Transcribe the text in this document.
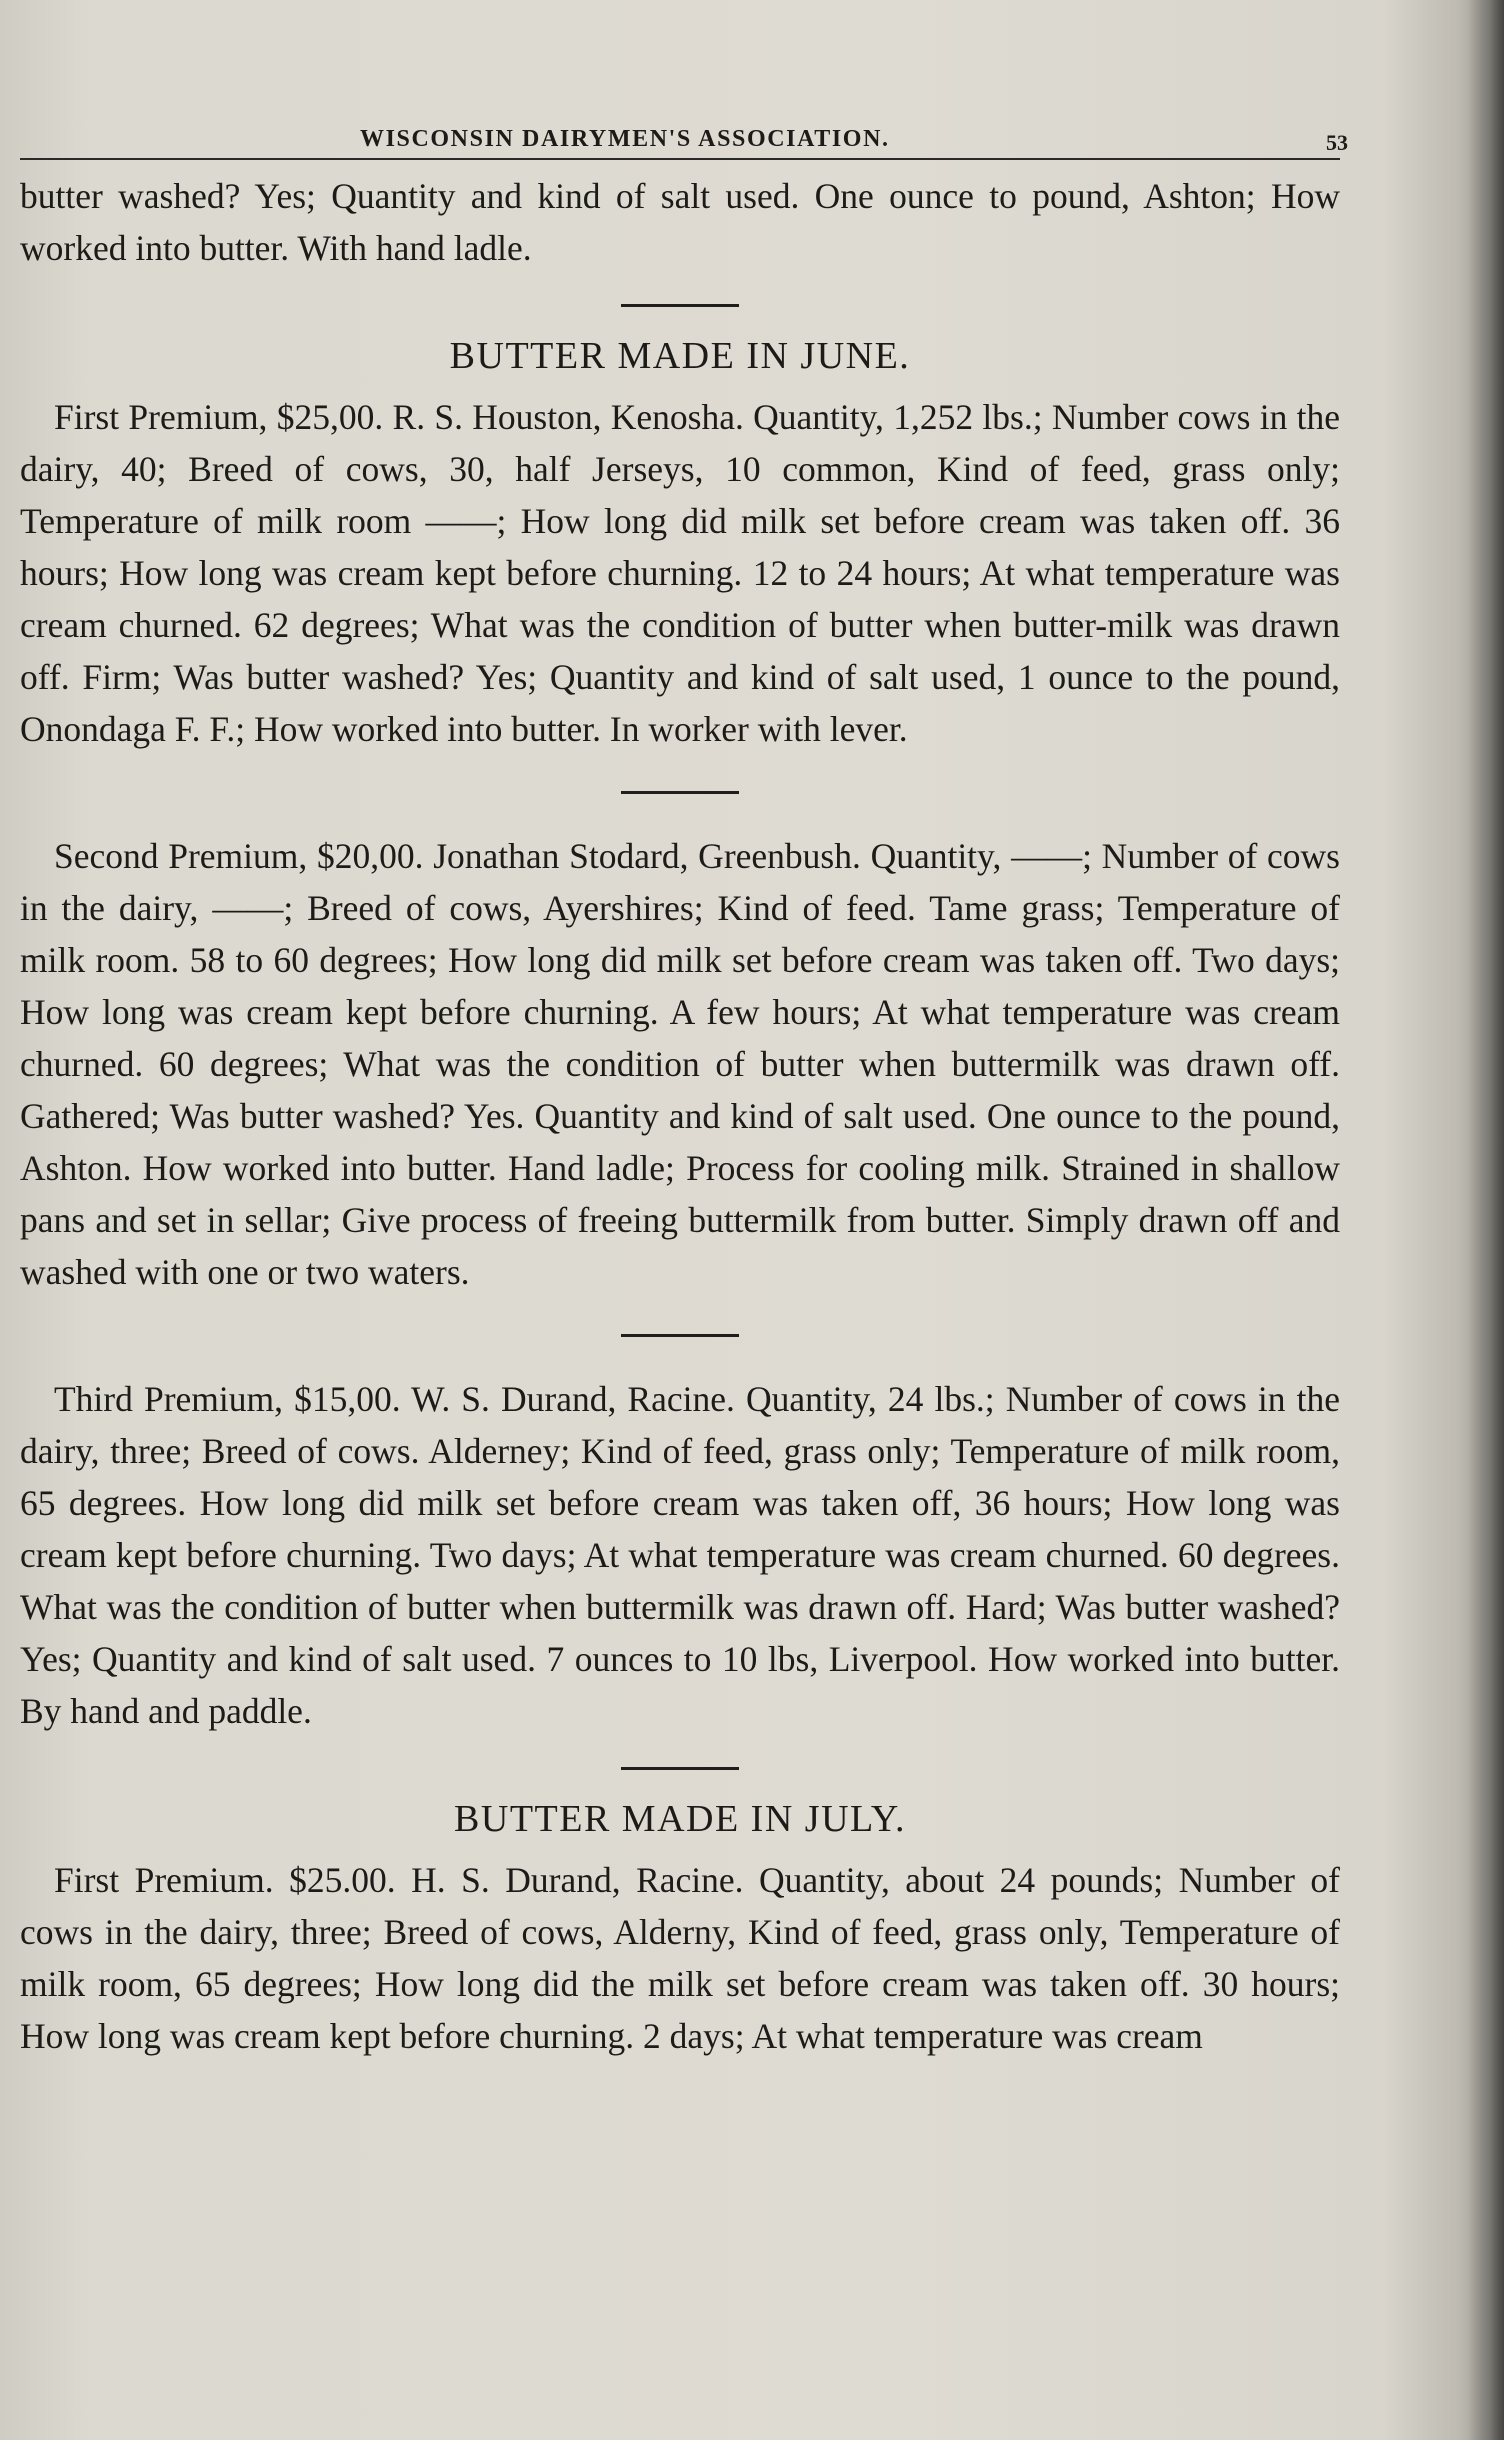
WISCONSIN DAIRYMEN'S ASSOCIATION.	53

butter washed? Yes; Quantity and kind of salt used. One ounce to pound, Ashton; How worked into butter. With hand ladle.

BUTTER MADE IN JUNE.

First Premium, $25,00. R. S. Houston, Kenosha. Quantity, 1,252 lbs.; Number cows in the dairy, 40; Breed of cows, 30, half Jerseys, 10 common, Kind of feed, grass only; Temperature of milk room ——; How long did milk set before cream was taken off. 36 hours; How long was cream kept before churning. 12 to 24 hours; At what temperature was cream churned. 62 degrees; What was the condition of butter when butter-milk was drawn off. Firm; Was butter washed? Yes; Quantity and kind of salt used, 1 ounce to the pound, Onondaga F. F.; How worked into butter. In worker with lever.

Second Premium, $20,00. Jonathan Stodard, Greenbush. Quantity, ——; Number of cows in the dairy, ——; Breed of cows, Ayershires; Kind of feed. Tame grass; Temperature of milk room. 58 to 60 degrees; How long did milk set before cream was taken off. Two days; How long was cream kept before churning. A few hours; At what temperature was cream churned. 60 degrees; What was the condition of butter when buttermilk was drawn off. Gathered; Was butter washed? Yes. Quantity and kind of salt used. One ounce to the pound, Ashton. How worked into butter. Hand ladle; Process for cooling milk. Strained in shallow pans and set in sellar; Give process of freeing buttermilk from butter. Simply drawn off and washed with one or two waters.

Third Premium, $15,00. W. S. Durand, Racine. Quantity, 24 lbs.; Number of cows in the dairy, three; Breed of cows. Alderney; Kind of feed, grass only; Temperature of milk room, 65 degrees. How long did milk set before cream was taken off, 36 hours; How long was cream kept before churning. Two days; At what temperature was cream churned. 60 degrees. What was the condition of butter when buttermilk was drawn off. Hard; Was butter washed? Yes; Quantity and kind of salt used. 7 ounces to 10 lbs, Liverpool. How worked into butter. By hand and paddle.

BUTTER MADE IN JULY.

First Premium. $25.00. H. S. Durand, Racine. Quantity, about 24 pounds; Number of cows in the dairy, three; Breed of cows, Alderny, Kind of feed, grass only, Temperature of milk room, 65 degrees; How long did the milk set before cream was taken off. 30 hours; How long was cream kept before churning. 2 days; At what temperature was cream
